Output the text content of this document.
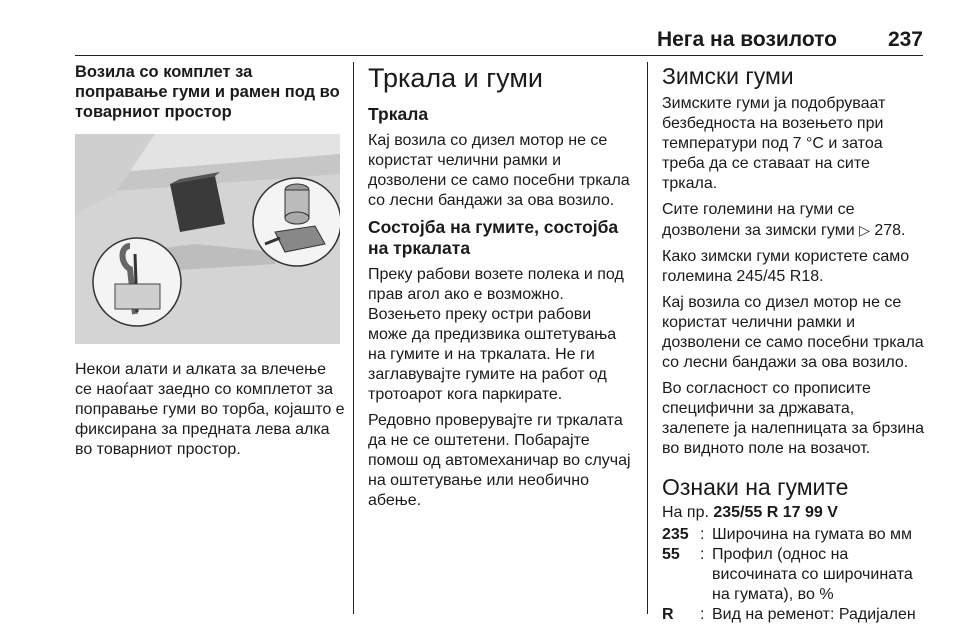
Нега на возилото 237
Возила со комплет за поправање гуми и рамен под во товарниот простор

Некои алати и алката за влечење се наоѓаат заедно со комплетот за поправање гуми во торба, којашто е фиксирана за предната лева алка во товарниот простор.

Тркала и гуми
Тркала

Кај возила со дизел мотор не се користат челични рамки и дозволени се само посебни тркала со лесни бандажи за ова возило.

Состојба на гумите, состојба на тркалата

Преку рабови возете полека и под прав агол ако е возможно. Возењето преку остри рабови може да предизвика оштетувања на гумите и на тркалата. Не ги заглавувајте гумите на работ од тротоарот кога паркирате.

Редовно проверувајте ги тркалата да не се оштетени. Побарајте помош од автомеханичар во случај на оштетување или необично абење.

Зимски гуми

Зимските гуми ја подобруваат безбедноста на возењето при температури под 7 °C и затоа треба да се ставаат на сите тркала.

Сите големини на гуми се дозволени за зимски гуми ▷ 278.

Како зимски гуми користете само големина 245/45 R18.

Кај возила со дизел мотор не се користат челични рамки и дозволени се само посебни тркала со лесни бандажи за ова возило.

Во согласност со прописите специфични за државата, залепете ја налепницата за брзина во видното поле на возачот.

Ознаки на гумите

На пр. 235/55 R 17 99 V

235 : Широчина на гумата во мм
55	: Профил (однос на височината со широчината на гумата), во %
R	: Вид на ременот: Радијален
